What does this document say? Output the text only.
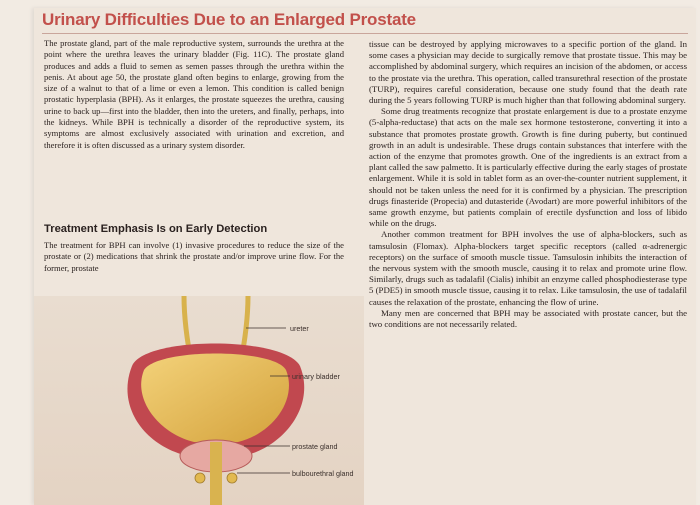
Urinary Difficulties Due to an Enlarged Prostate

The prostate gland, part of the male reproductive system, surrounds the urethra at the point where the urethra leaves the urinary bladder (Fig. 11C). The prostate gland produces and adds a fluid to semen as semen passes through the urethra within the penis. At about age 50, the prostate gland often begins to enlarge, growing from the size of a walnut to that of a lime or even a lemon. This condition is called benign prostatic hyperplasia (BPH). As it enlarges, the prostate squeezes the urethra, causing urine to back up—first into the bladder, then into the ureters, and finally, perhaps, into the kidneys. While BPH is technically a disorder of the reproductive system, its symptoms are almost exclusively associated with urination and excretion, and therefore it is often discussed as a urinary system disorder.

Treatment Emphasis Is on Early Detection

The treatment for BPH can involve (1) invasive procedures to reduce the size of the prostate or (2) medications that shrink the prostate and/or improve urine flow. For the former, prostate

ureter
urinary bladder
prostate gland
bulbourethral gland

tissue can be destroyed by applying microwaves to a specific portion of the gland. In some cases a physician may decide to surgically remove that prostate tissue. This may be accomplished by abdominal surgery, which requires an incision of the abdomen, or access to the prostate via the urethra. This operation, called transurethral resection of the prostate (TURP), requires careful consideration, because one study found that the death rate during the 5 years following TURP is much higher than that following abdominal surgery.

Some drug treatments recognize that prostate enlargement is due to a prostate enzyme (5-alpha-reductase) that acts on the male sex hormone testosterone, converting it into a substance that promotes prostate growth. Growth is fine during puberty, but continued growth in an adult is undesirable. These drugs contain substances that interfere with the action of the enzyme that promotes growth. One of the ingredients is an extract from a plant called the saw palmetto. It is particularly effective during the early stages of prostate enlargement. While it is sold in tablet form as an over-the-counter nutrient supplement, it should not be taken unless the need for it is confirmed by a physician. The prescription drugs finasteride (Propecia) and dutasteride (Avodart) are more powerful inhibitors of the same growth enzyme, but patients complain of erectile dysfunction and loss of libido while on the drugs.

Another common treatment for BPH involves the use of alpha-blockers, such as tamsulosin (Flomax). Alpha-blockers target specific receptors (called α-adrenergic receptors) on the surface of smooth muscle tissue. Tamsulosin inhibits the interaction of the nervous system with the smooth muscle, causing it to relax and promote urine flow. Similarly, drugs such as tadalafil (Cialis) inhibit an enzyme called phosphodiesterase type 5 (PDE5) in smooth muscle tissue, causing it to relax. Like tamsulosin, the use of tadalafil causes the relaxation of the prostate, enhancing the flow of urine.

Many men are concerned that BPH may be associated with prostate cancer, but the two conditions are not necessarily related.
